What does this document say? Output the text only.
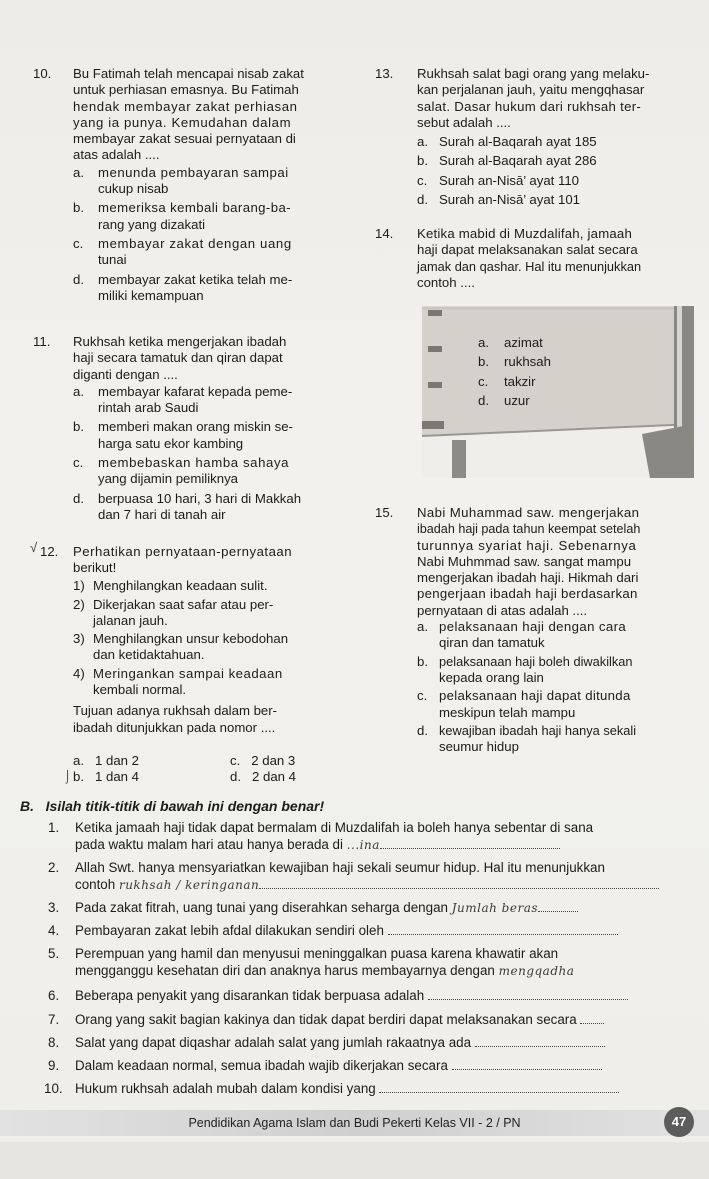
10. Bu Fatimah telah mencapai nisab zakat
untuk perhiasan emasnya. Bu Fatimah
hendak membayar zakat perhiasan
yang ia punya. Kemudahan dalam
membayar zakat sesuai pernyataan di
atas adalah ....
a. menunda pembayaran sampai
cukup nisab
b. memeriksa kembali barang-ba-
rang yang dizakati
c. membayar zakat dengan uang
tunai
d. membayar zakat ketika telah me-
miliki kemampuan
11. Rukhsah ketika mengerjakan ibadah
haji secara tamatuk dan qiran dapat
diganti dengan ....
a. membayar kafarat kepada peme-
rintah arab Saudi
b. memberi makan orang miskin se-
harga satu ekor kambing
c. membebaskan hamba sahaya
yang dijamin pemiliknya
d. berpuasa 10 hari, 3 hari di Makkah
dan 7 hari di tanah air
√ 12. Perhatikan pernyataan-pernyataan
berikut!
1) Menghilangkan keadaan sulit.
2) Dikerjakan saat safar atau per-
jalanan jauh.
3) Menghilangkan unsur kebodohan
dan ketidaktahuan.
4) Meringankan sampai keadaan
kembali normal.
Tujuan adanya rukhsah dalam ber-
ibadah ditunjukkan pada nomor ....
a. 1 dan 2	c. 2 dan 3
⌡ b. 1 dan 4	d. 2 dan 4
13. Rukhsah salat bagi orang yang melaku-
kan perjalanan jauh, yaitu mengqhasar
salat. Dasar hukum dari rukhsah ter-
sebut adalah ....
a. Surah al-Baqarah ayat 185
b. Surah al-Baqarah ayat 286
c. Surah an-Nisā’ ayat 110
d. Surah an-Nisā’ ayat 101
14. Ketika mabid di Muzdalifah, jamaah
haji dapat melaksanakan salat secara
jamak dan qashar. Hal itu menunjukkan
contoh ....
a. azimat
b. rukhsah
c. takzir
d. uzur
15. Nabi Muhammad saw. mengerjakan
ibadah haji pada tahun keempat setelah
turunnya syariat haji. Sebenarnya
Nabi Muhmmad saw. sangat mampu
mengerjakan ibadah haji. Hikmah dari
pengerjaan ibadah haji berdasarkan
pernyataan di atas adalah ....
a. pelaksanaan haji dengan cara
qiran dan tamatuk
b. pelaksanaan haji boleh diwakilkan
kepada orang lain
c. pelaksanaan haji dapat ditunda
meskipun telah mampu
d. kewajiban ibadah haji hanya sekali
seumur hidup
B.   Isilah titik-titik di bawah ini dengan benar!
1. Ketika jamaah haji tidak dapat bermalam di Muzdalifah ia boleh hanya sebentar di sana
pada waktu malam hari atau hanya berada di ...ina
2. Allah Swt. hanya mensyariatkan kewajiban haji sekali seumur hidup. Hal itu menunjukkan
contoh rukhsah / keringanan
3. Pada zakat fitrah, uang tunai yang diserahkan seharga dengan Jumlah beras
4. Pembayaran zakat lebih afdal dilakukan sendiri oleh
5. Perempuan yang hamil dan menyusui meninggalkan puasa karena khawatir akan
mengganggu kesehatan diri dan anaknya harus membayarnya dengan mengqadha
6. Beberapa penyakit yang disarankan tidak berpuasa adalah
7. Orang yang sakit bagian kakinya dan tidak dapat berdiri dapat melaksanakan secara
8. Salat yang dapat diqashar adalah salat yang jumlah rakaatnya ada
9. Dalam keadaan normal, semua ibadah wajib dikerjakan secara
10. Hukum rukhsah adalah mubah dalam kondisi yang
Pendidikan Agama Islam dan Budi Pekerti Kelas VII - 2 / PN	47
